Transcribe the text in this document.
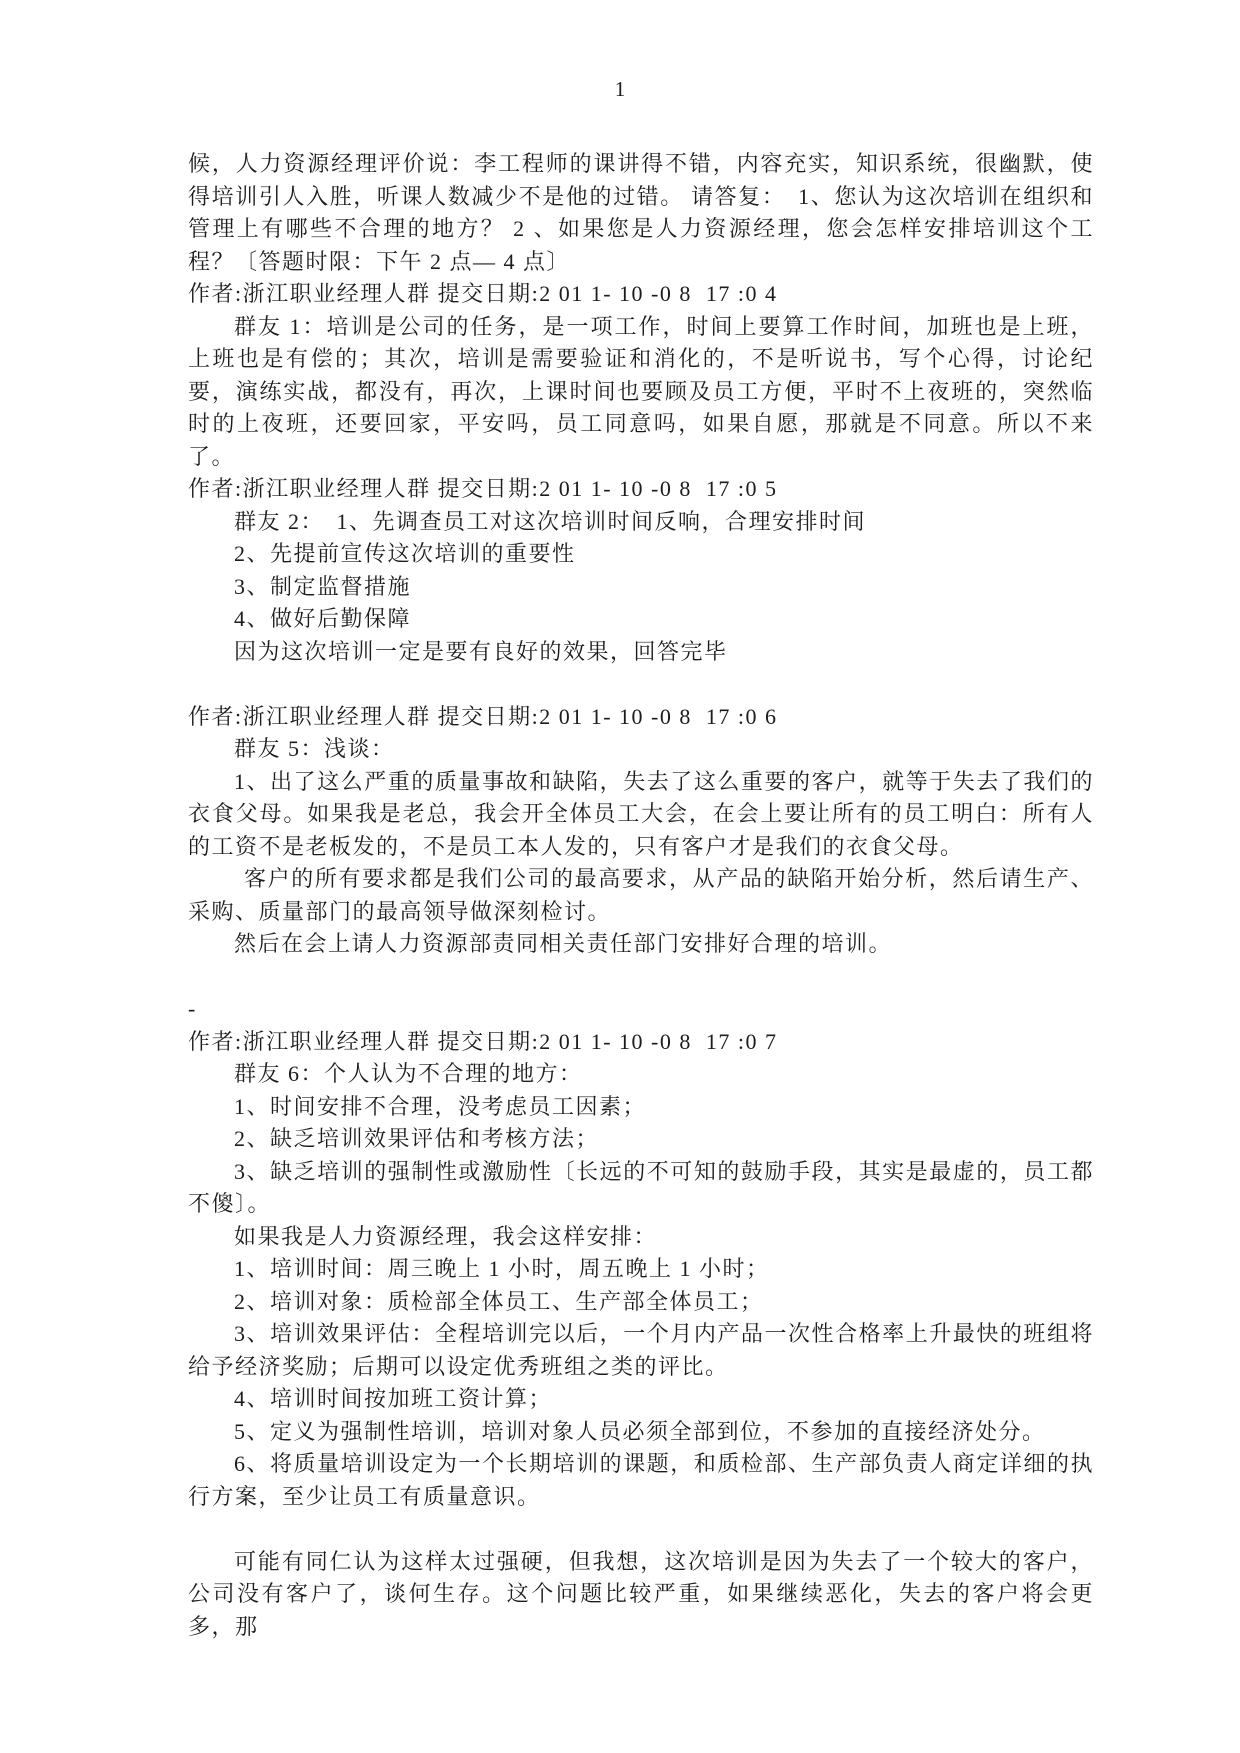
1

候，人力资源经理评价说：李工程师的课讲得不错，内容充实，知识系统，很幽默，使得培训引人入胜，听课人数减少不是他的过错。 请答复：　1、您认为这次培训在组织和管理上有哪些不合理的地方？ 2 、如果您是人力资源经理，您会怎样安排培训这个工程？〔答题时限：下午 2 点— 4 点〕

作者:浙江职业经理人群 提交日期:2 01 1- 10 -0 8  17 :0 4

群友 1：培训是公司的任务，是一项工作，时间上要算工作时间，加班也是上班，上班也是有偿的；其次，培训是需要验证和消化的，不是听说书，写个心得，讨论纪要，演练实战，都没有，再次，上课时间也要顾及员工方便，平时不上夜班的，突然临时的上夜班，还要回家，平安吗，员工同意吗，如果自愿，那就是不同意。所以不来了。

作者:浙江职业经理人群 提交日期:2 01 1- 10 -0 8  17 :0 5

群友 2：　1、先调查员工对这次培训时间反响，合理安排时间

2、先提前宣传这次培训的重要性

3、制定监督措施

4、做好后勤保障

因为这次培训一定是要有良好的效果，回答完毕

作者:浙江职业经理人群 提交日期:2 01 1- 10 -0 8  17 :0 6

群友 5：浅谈：

1、出了这么严重的质量事故和缺陷，失去了这么重要的客户，就等于失去了我们的衣食父母。如果我是老总，我会开全体员工大会，在会上要让所有的员工明白：所有人的工资不是老板发的，不是员工本人发的，只有客户才是我们的衣食父母。

客户的所有要求都是我们公司的最高要求，从产品的缺陷开始分析，然后请生产、采购、质量部门的最高领导做深刻检讨。

然后在会上请人力资源部责同相关责任部门安排好合理的培训。

-

作者:浙江职业经理人群 提交日期:2 01 1- 10 -0 8  17 :0 7

群友 6：个人认为不合理的地方：

1、时间安排不合理，没考虑员工因素；

2、缺乏培训效果评估和考核方法；

3、缺乏培训的强制性或激励性〔长远的不可知的鼓励手段，其实是最虚的，员工都不傻〕。

如果我是人力资源经理，我会这样安排：

1、培训时间：周三晚上 1 小时，周五晚上 1 小时；

2、培训对象：质检部全体员工、生产部全体员工；

3、培训效果评估：全程培训完以后，一个月内产品一次性合格率上升最快的班组将给予经济奖励；后期可以设定优秀班组之类的评比。

4、培训时间按加班工资计算；

5、定义为强制性培训，培训对象人员必须全部到位，不参加的直接经济处分。

6、将质量培训设定为一个长期培训的课题，和质检部、生产部负责人商定详细的执行方案，至少让员工有质量意识。

可能有同仁认为这样太过强硬，但我想，这次培训是因为失去了一个较大的客户，公司没有客户了，谈何生存。这个问题比较严重，如果继续恶化，失去的客户将会更多，那
